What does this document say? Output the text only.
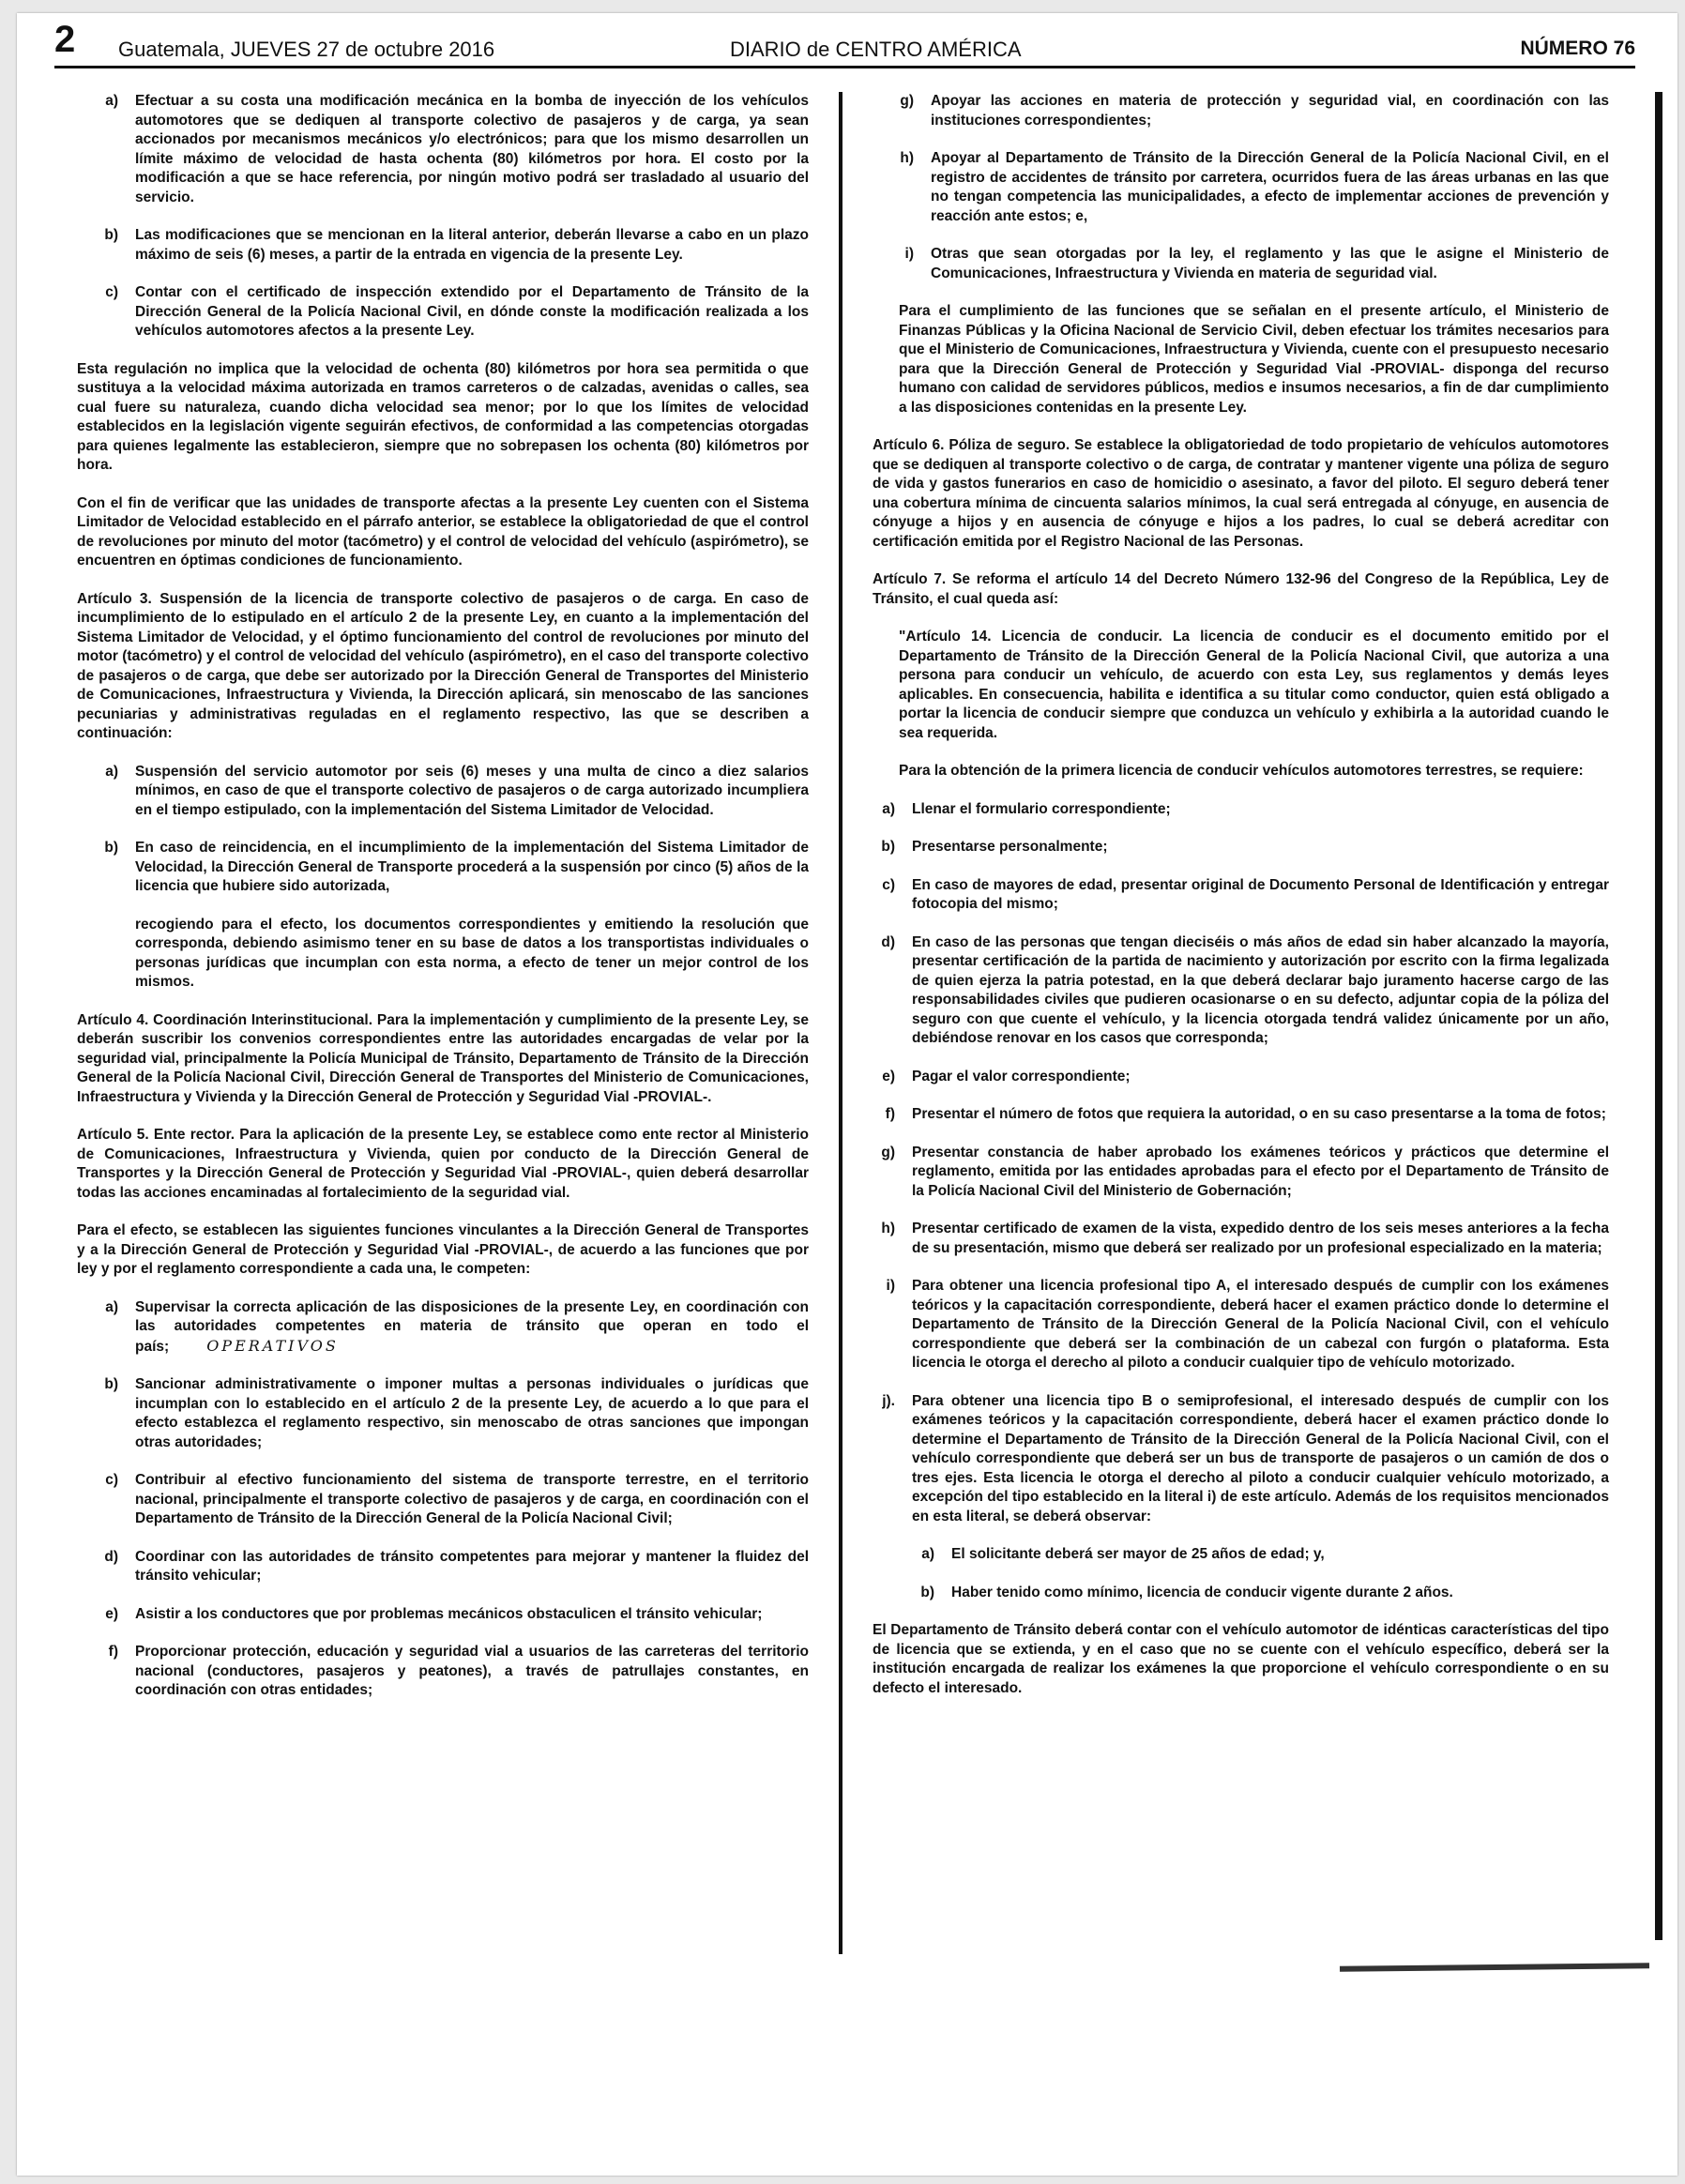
2 Guatemala, JUEVES 27 de octubre 2016	DIARIO de CENTRO AMÉRICA	NÚMERO 76
a)	Efectuar a su costa una modificación mecánica en la bomba de inyección de los vehículos automotores que se dediquen al transporte colectivo de pasajeros y de carga, ya sean accionados por mecanismos mecánicos y/o electrónicos; para que los mismo desarrollen un límite máximo de velocidad de hasta ochenta (80) kilómetros por hora. El costo por la modificación a que se hace referencia, por ningún motivo podrá ser trasladado al usuario del servicio.
b)	Las modificaciones que se mencionan en la literal anterior, deberán llevarse a cabo en un plazo máximo de seis (6) meses, a partir de la entrada en vigencia de la presente Ley.
c)	Contar con el certificado de inspección extendido por el Departamento de Tránsito de la Dirección General de la Policía Nacional Civil, en dónde conste la modificación realizada a los vehículos automotores afectos a la presente Ley.

Esta regulación no implica que la velocidad de ochenta (80) kilómetros por hora sea permitida o que sustituya a la velocidad máxima autorizada en tramos carreteros o de calzadas, avenidas o calles, sea cual fuere su naturaleza, cuando dicha velocidad sea menor; por lo que los límites de velocidad establecidos en la legislación vigente seguirán efectivos, de conformidad a las competencias otorgadas para quienes legalmente las establecieron, siempre que no sobrepasen los ochenta (80) kilómetros por hora.

Con el fin de verificar que las unidades de transporte afectas a la presente Ley cuenten con el Sistema Limitador de Velocidad establecido en el párrafo anterior, se establece la obligatoriedad de que el control de revoluciones por minuto del motor (tacómetro) y el control de velocidad del vehículo (aspirómetro), se encuentren en óptimas condiciones de funcionamiento.

Artículo 3. Suspensión de la licencia de transporte colectivo de pasajeros o de carga. En caso de incumplimiento de lo estipulado en el artículo 2 de la presente Ley, en cuanto a la implementación del Sistema Limitador de Velocidad, y el óptimo funcionamiento del control de revoluciones por minuto del motor (tacómetro) y el control de velocidad del vehículo (aspirómetro), en el caso del transporte colectivo de pasajeros o de carga, que debe ser autorizado por la Dirección General de Transportes del Ministerio de Comunicaciones, Infraestructura y Vivienda, la Dirección aplicará, sin menoscabo de las sanciones pecuniarias y administrativas reguladas en el reglamento respectivo, las que se describen a continuación:

a)	Suspensión del servicio automotor por seis (6) meses y una multa de cinco a diez salarios mínimos, en caso de que el transporte colectivo de pasajeros o de carga autorizado incumpliera en el tiempo estipulado, con la implementación del Sistema Limitador de Velocidad.
b)	En caso de reincidencia, en el incumplimiento de la implementación del Sistema Limitador de Velocidad, la Dirección General de Transporte procederá a la suspensión por cinco (5) años de la licencia que hubiere sido autorizada,

recogiendo para el efecto, los documentos correspondientes y emitiendo la resolución que corresponda, debiendo asimismo tener en su base de datos a los transportistas individuales o personas jurídicas que incumplan con esta norma, a efecto de tener un mejor control de los mismos.

Artículo 4. Coordinación Interinstitucional. Para la implementación y cumplimiento de la presente Ley, se deberán suscribir los convenios correspondientes entre las autoridades encargadas de velar por la seguridad vial, principalmente la Policía Municipal de Tránsito, Departamento de Tránsito de la Dirección General de la Policía Nacional Civil, Dirección General de Transportes del Ministerio de Comunicaciones, Infraestructura y Vivienda y la Dirección General de Protección y Seguridad Vial -PROVIAL-.

Artículo 5. Ente rector. Para la aplicación de la presente Ley, se establece como ente rector al Ministerio de Comunicaciones, Infraestructura y Vivienda, quien por conducto de la Dirección General de Transportes y la Dirección General de Protección y Seguridad Vial -PROVIAL-, quien deberá desarrollar todas las acciones encaminadas al fortalecimiento de la seguridad vial.

Para el efecto, se establecen las siguientes funciones vinculantes a la Dirección General de Transportes y a la Dirección General de Protección y Seguridad Vial -PROVIAL-, de acuerdo a las funciones que por ley y por el reglamento correspondiente a cada una, le competen:

a)	Supervisar la correcta aplicación de las disposiciones de la presente Ley, en coordinación con las autoridades competentes en materia de tránsito que operan en todo el país;	OPERATIVOS
b)	Sancionar administrativamente o imponer multas a personas individuales o jurídicas que incumplan con lo establecido en el artículo 2 de la presente Ley, de acuerdo a lo que para el efecto establezca el reglamento respectivo, sin menoscabo de otras sanciones que impongan otras autoridades;
c)	Contribuir al efectivo funcionamiento del sistema de transporte terrestre, en el territorio nacional, principalmente el transporte colectivo de pasajeros y de carga, en coordinación con el Departamento de Tránsito de la Dirección General de la Policía Nacional Civil;
d)	Coordinar con las autoridades de tránsito competentes para mejorar y mantener la fluidez del tránsito vehicular;
e)	Asistir a los conductores que por problemas mecánicos obstaculicen el tránsito vehicular;
f)	Proporcionar protección, educación y seguridad vial a usuarios de las carreteras del territorio nacional (conductores, pasajeros y peatones), a través de patrullajes constantes, en coordinación con otras entidades;
g)	Apoyar las acciones en materia de protección y seguridad vial, en coordinación con las instituciones correspondientes;
h)	Apoyar al Departamento de Tránsito de la Dirección General de la Policía Nacional Civil, en el registro de accidentes de tránsito por carretera, ocurridos fuera de las áreas urbanas en las que no tengan competencia las municipalidades, a efecto de implementar acciones de prevención y reacción ante estos; e,
i)	Otras que sean otorgadas por la ley, el reglamento y las que le asigne el Ministerio de Comunicaciones, Infraestructura y Vivienda en materia de seguridad vial.

Para el cumplimiento de las funciones que se señalan en el presente artículo, el Ministerio de Finanzas Públicas y la Oficina Nacional de Servicio Civil, deben efectuar los trámites necesarios para que el Ministerio de Comunicaciones, Infraestructura y Vivienda, cuente con el presupuesto necesario para que la Dirección General de Protección y Seguridad Vial -PROVIAL- disponga del recurso humano con calidad de servidores públicos, medios e insumos necesarios, a fin de dar cumplimiento a las disposiciones contenidas en la presente Ley.

Artículo 6. Póliza de seguro. Se establece la obligatoriedad de todo propietario de vehículos automotores que se dediquen al transporte colectivo o de carga, de contratar y mantener vigente una póliza de seguro de vida y gastos funerarios en caso de homicidio o asesinato, a favor del piloto. El seguro deberá tener una cobertura mínima de cincuenta salarios mínimos, la cual será entregada al cónyuge, en ausencia de cónyuge a hijos y en ausencia de cónyuge e hijos a los padres, lo cual se deberá acreditar con certificación emitida por el Registro Nacional de las Personas.

Artículo 7. Se reforma el artículo 14 del Decreto Número 132-96 del Congreso de la República, Ley de Tránsito, el cual queda así:

"Artículo 14. Licencia de conducir. La licencia de conducir es el documento emitido por el Departamento de Tránsito de la Dirección General de la Policía Nacional Civil, que autoriza a una persona para conducir un vehículo, de acuerdo con esta Ley, sus reglamentos y demás leyes aplicables. En consecuencia, habilita e identifica a su titular como conductor, quien está obligado a portar la licencia de conducir siempre que conduzca un vehículo y exhibirla a la autoridad cuando le sea requerida.

Para la obtención de la primera licencia de conducir vehículos automotores terrestres, se requiere:

a)	Llenar el formulario correspondiente;
b)	Presentarse personalmente;
c)	En caso de mayores de edad, presentar original de Documento Personal de Identificación y entregar fotocopia del mismo;
d)	En caso de las personas que tengan dieciséis o más años de edad sin haber alcanzado la mayoría, presentar certificación de la partida de nacimiento y autorización por escrito con la firma legalizada de quien ejerza la patria potestad, en la que deberá declarar bajo juramento hacerse cargo de las responsabilidades civiles que pudieren ocasionarse o en su defecto, adjuntar copia de la póliza del seguro con que cuente el vehículo, y la licencia otorgada tendrá validez únicamente por un año, debiéndose renovar en los casos que corresponda;
e)	Pagar el valor correspondiente;
f)	Presentar el número de fotos que requiera la autoridad, o en su caso presentarse a la toma de fotos;
g)	Presentar constancia de haber aprobado los exámenes teóricos y prácticos que determine el reglamento, emitida por las entidades aprobadas para el efecto por el Departamento de Tránsito de la Policía Nacional Civil del Ministerio de Gobernación;
h)	Presentar certificado de examen de la vista, expedido dentro de los seis meses anteriores a la fecha de su presentación, mismo que deberá ser realizado por un profesional especializado en la materia;
i)	Para obtener una licencia profesional tipo A, el interesado después de cumplir con los exámenes teóricos y la capacitación correspondiente, deberá hacer el examen práctico donde lo determine el Departamento de Tránsito de la Dirección General de la Policía Nacional Civil, con el vehículo correspondiente que deberá ser la combinación de un cabezal con furgón o plataforma. Esta licencia le otorga el derecho al piloto a conducir cualquier tipo de vehículo motorizado.
j).	Para obtener una licencia tipo B o semiprofesional, el interesado después de cumplir con los exámenes teóricos y la capacitación correspondiente, deberá hacer el examen práctico donde lo determine el Departamento de Tránsito de la Dirección General de la Policía Nacional Civil, con el vehículo correspondiente que deberá ser un bus de transporte de pasajeros o un camión de dos o tres ejes. Esta licencia le otorga el derecho al piloto a conducir cualquier vehículo motorizado, a excepción del tipo establecido en la literal i) de este artículo. Además de los requisitos mencionados en esta literal, se deberá observar:
a)	El solicitante deberá ser mayor de 25 años de edad; y,
b)	Haber tenido como mínimo, licencia de conducir vigente durante 2 años.

El Departamento de Tránsito deberá contar con el vehículo automotor de idénticas características del tipo de licencia que se extienda, y en el caso que no se cuente con el vehículo específico, deberá ser la institución encargada de realizar los exámenes la que proporcione el vehículo correspondiente o en su defecto el interesado.
